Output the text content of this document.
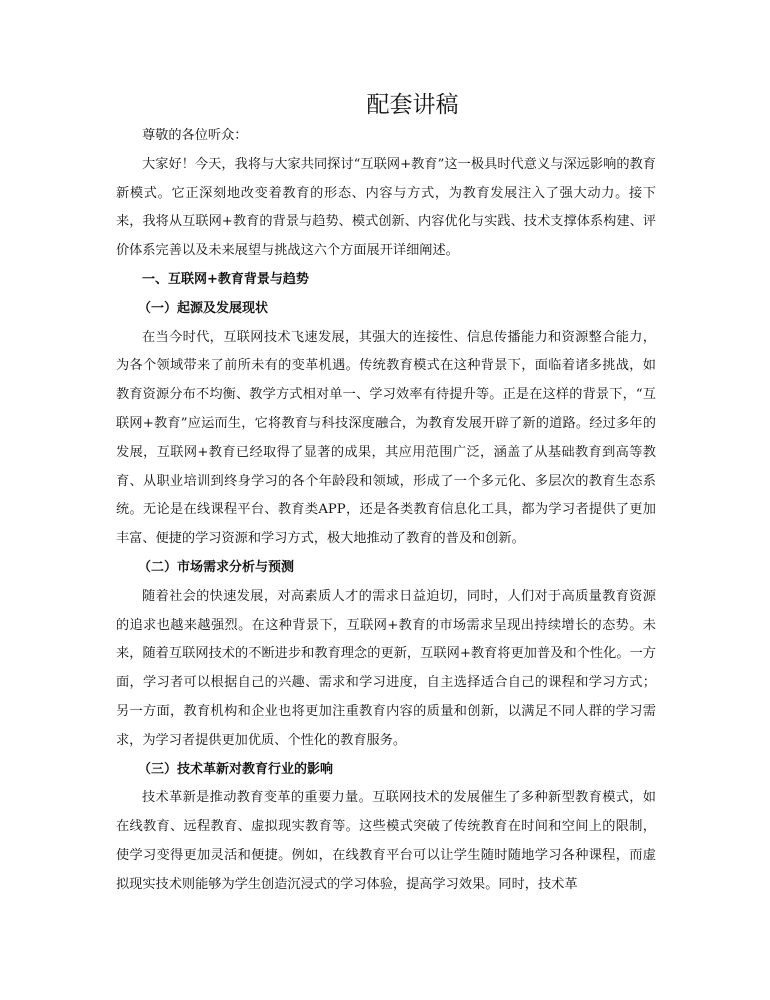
配套讲稿

尊敬的各位听众：

大家好！今天，我将与大家共同探讨“互联网+教育”这一极具时代意义与深远影响的教育新模式。它正深刻地改变着教育的形态、内容与方式，为教育发展注入了强大动力。接下来，我将从互联网+教育的背景与趋势、模式创新、内容优化与实践、技术支撑体系构建、评价体系完善以及未来展望与挑战这六个方面展开详细阐述。

一、互联网+教育背景与趋势
（一）起源及发展现状

在当今时代，互联网技术飞速发展，其强大的连接性、信息传播能力和资源整合能力，为各个领域带来了前所未有的变革机遇。传统教育模式在这种背景下，面临着诸多挑战，如教育资源分布不均衡、教学方式相对单一、学习效率有待提升等。正是在这样的背景下，“互联网+教育”应运而生，它将教育与科技深度融合，为教育发展开辟了新的道路。经过多年的发展，互联网+教育已经取得了显著的成果，其应用范围广泛，涵盖了从基础教育到高等教育、从职业培训到终身学习的各个年龄段和领域，形成了一个多元化、多层次的教育生态系统。无论是在线课程平台、教育类APP，还是各类教育信息化工具，都为学习者提供了更加丰富、便捷的学习资源和学习方式，极大地推动了教育的普及和创新。

（二）市场需求分析与预测

随着社会的快速发展，对高素质人才的需求日益迫切，同时，人们对于高质量教育资源的追求也越来越强烈。在这种背景下，互联网+教育的市场需求呈现出持续增长的态势。未来，随着互联网技术的不断进步和教育理念的更新，互联网+教育将更加普及和个性化。一方面，学习者可以根据自己的兴趣、需求和学习进度，自主选择适合自己的课程和学习方式；另一方面，教育机构和企业也将更加注重教育内容的质量和创新，以满足不同人群的学习需求，为学习者提供更加优质、个性化的教育服务。

（三）技术革新对教育行业的影响

技术革新是推动教育变革的重要力量。互联网技术的发展催生了多种新型教育模式，如在线教育、远程教育、虚拟现实教育等。这些模式突破了传统教育在时间和空间上的限制，使学习变得更加灵活和便捷。例如，在线教育平台可以让学生随时随地学习各种课程，而虚拟现实技术则能够为学生创造沉浸式的学习体验，提高学习效果。同时，技术革
